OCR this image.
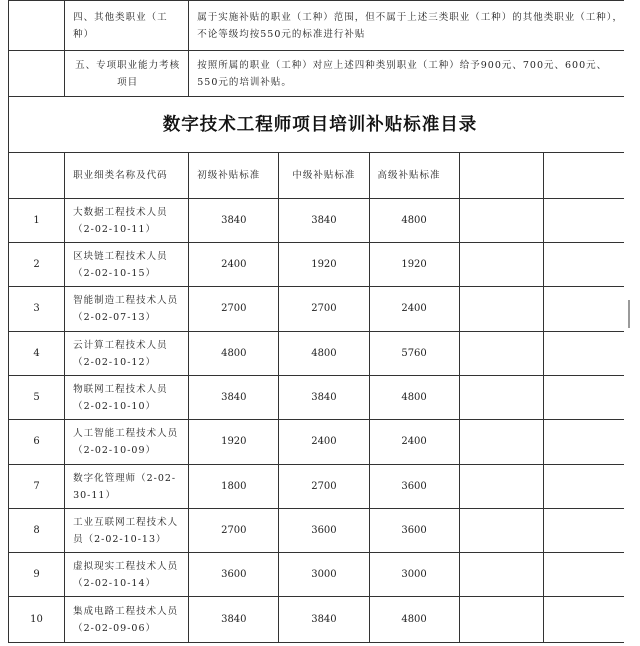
	四、其他类职业（工种）	属于实施补贴的职业（工种）范围，但不属于上述三类职业（工种）的其他类职业（工种），不论等级均按550元的标准进行补贴				
	五、专项职业能力考核项目	按照所属的职业（工种）对应上述四种类别职业（工种）给予900元、700元、600元、550元的培训补贴。				
数字技术工程师项目培训补贴标准目录						
	职业细类名称及代码	初级补贴标准	中级补贴标准	高级补贴标准		
1	大数据工程技术人员（2-02-10-11）	3840	3840	4800		
2	区块链工程技术人员（2-02-10-15）	2400	1920	1920		
3	智能制造工程技术人员（2-02-07-13）	2700	2700	2400		
4	云计算工程技术人员（2-02-10-12）	4800	4800	5760		
5	物联网工程技术人员（2-02-10-10）	3840	3840	4800		
6	人工智能工程技术人员（2-02-10-09）	1920	2400	2400		
7	数字化管理师（2-02-30-11）	1800	2700	3600		
8	工业互联网工程技术人员（2-02-10-13）	2700	3600	3600		
9	虚拟现实工程技术人员（2-02-10-14）	3600	3000	3000		
10	集成电路工程技术人员（2-02-09-06）	3840	3840	4800		
